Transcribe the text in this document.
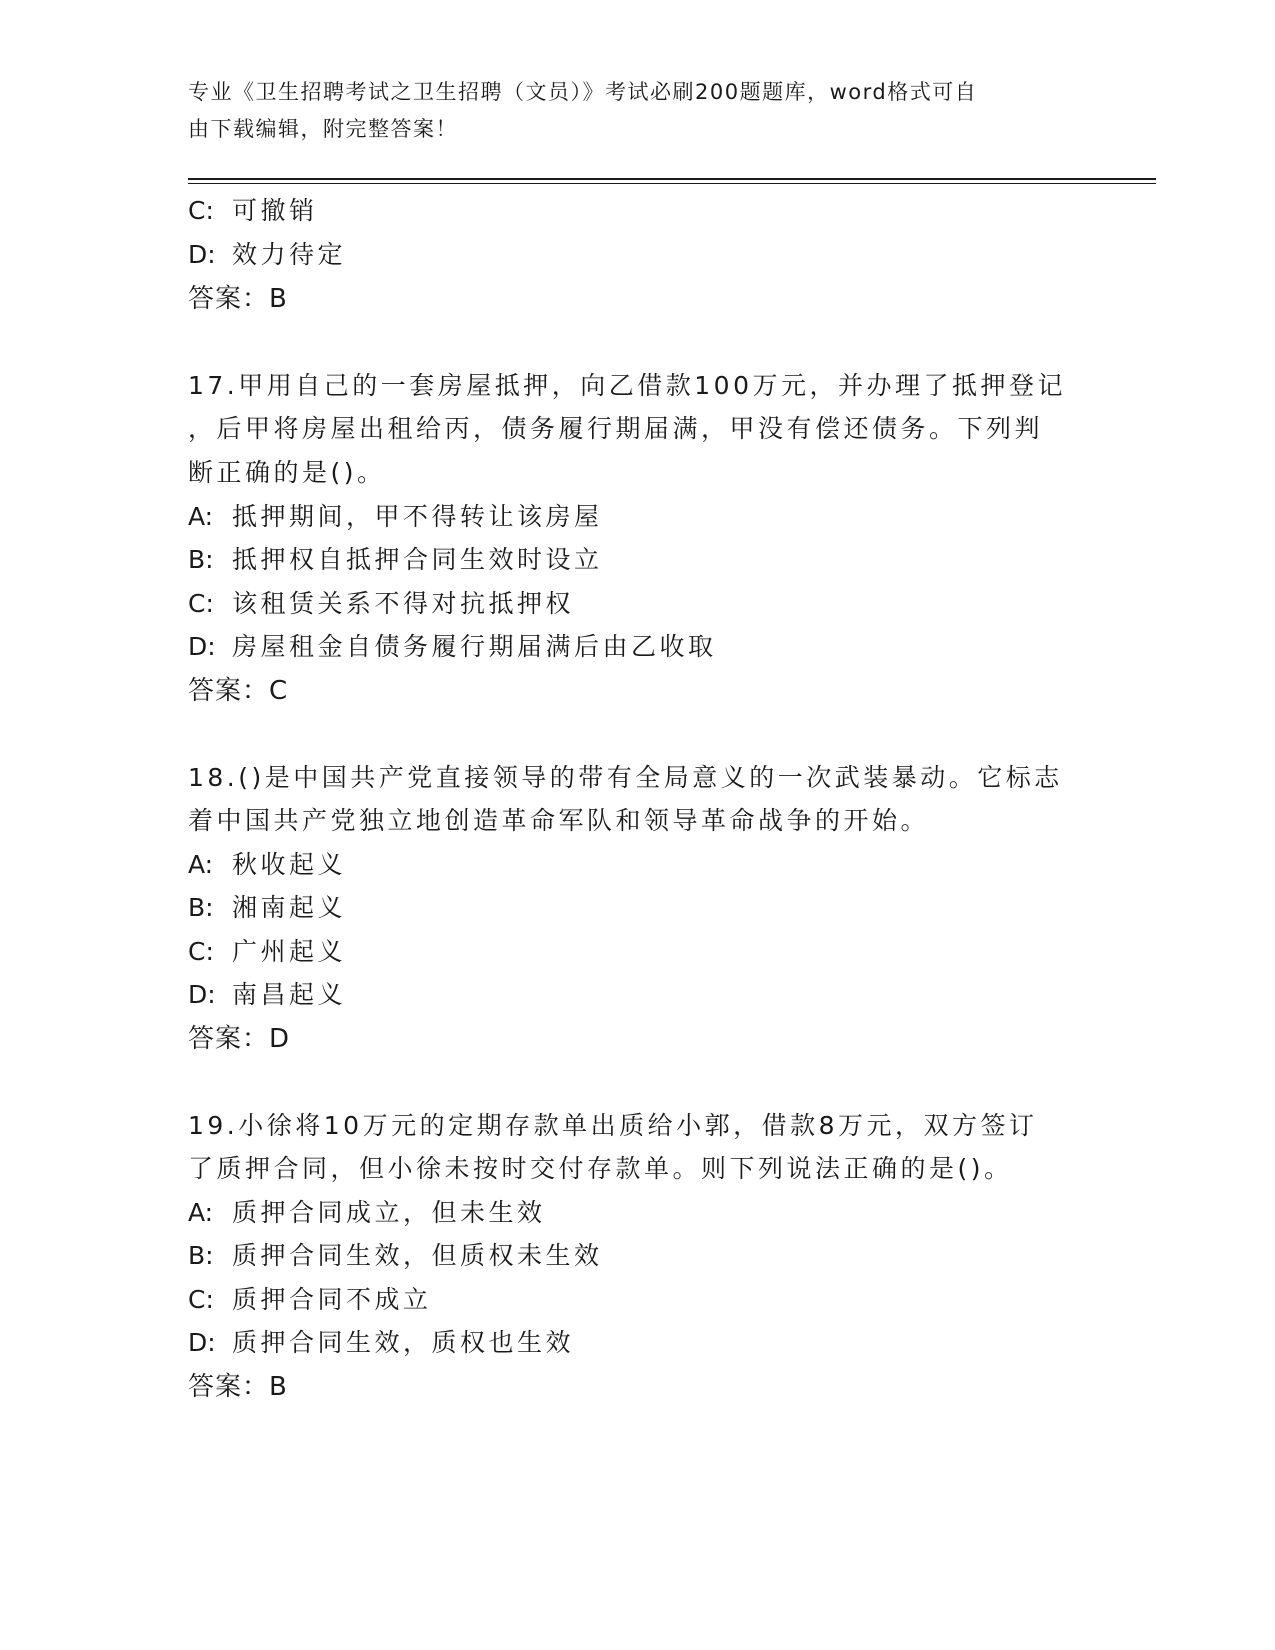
专业《卫生招聘考试之卫生招聘（文员）》考试必刷200题题库，word格式可自
由下载编辑，附完整答案！
C: 可撤销
D: 效力待定
答案：B
17.甲用自己的一套房屋抵押，向乙借款100万元，并办理了抵押登记
，后甲将房屋出租给丙，债务履行期届满，甲没有偿还债务。下列判
断正确的是()。
A: 抵押期间，甲不得转让该房屋
B: 抵押权自抵押合同生效时设立
C: 该租赁关系不得对抗抵押权
D: 房屋租金自债务履行期届满后由乙收取
答案：C
18.()是中国共产党直接领导的带有全局意义的一次武装暴动。它标志
着中国共产党独立地创造革命军队和领导革命战争的开始。
A: 秋收起义
B: 湘南起义
C: 广州起义
D: 南昌起义
答案：D
19.小徐将10万元的定期存款单出质给小郭，借款8万元，双方签订
了质押合同，但小徐未按时交付存款单。则下列说法正确的是()。
A: 质押合同成立，但未生效
B: 质押合同生效，但质权未生效
C: 质押合同不成立
D: 质押合同生效，质权也生效
答案：B
